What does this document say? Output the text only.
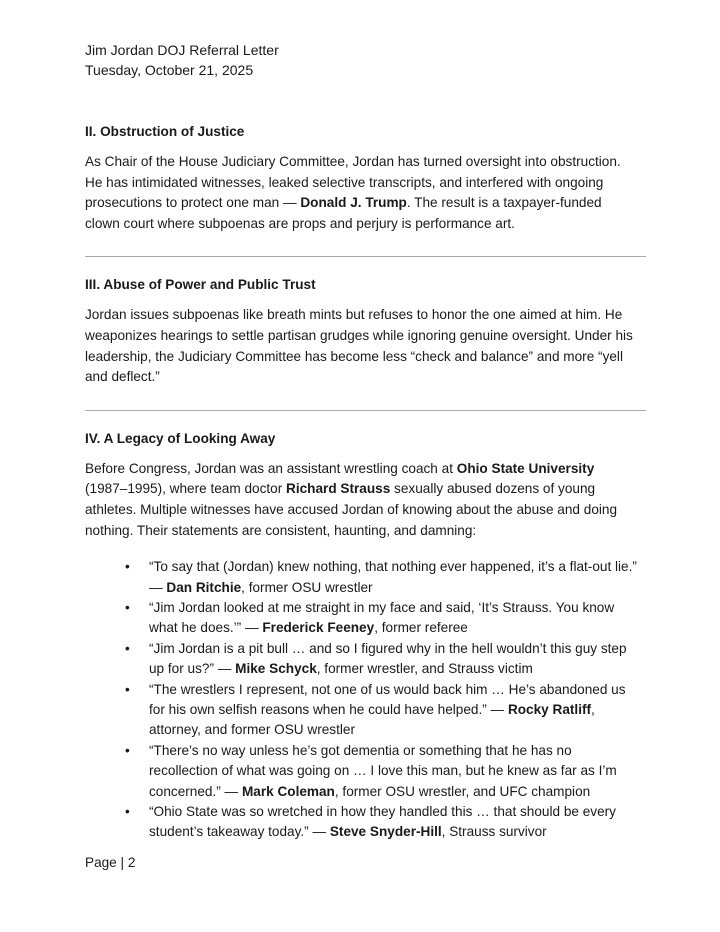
Jim Jordan DOJ Referral Letter
Tuesday, October 21, 2025
II. Obstruction of Justice

As Chair of the House Judiciary Committee, Jordan has turned oversight into obstruction. He has intimidated witnesses, leaked selective transcripts, and interfered with ongoing prosecutions to protect one man — Donald J. Trump. The result is a taxpayer-funded clown court where subpoenas are props and perjury is performance art.

III. Abuse of Power and Public Trust

Jordan issues subpoenas like breath mints but refuses to honor the one aimed at him. He weaponizes hearings to settle partisan grudges while ignoring genuine oversight. Under his leadership, the Judiciary Committee has become less “check and balance” and more “yell and deflect.”

IV. A Legacy of Looking Away

Before Congress, Jordan was an assistant wrestling coach at Ohio State University (1987–1995), where team doctor Richard Strauss sexually abused dozens of young athletes. Multiple witnesses have accused Jordan of knowing about the abuse and doing nothing. Their statements are consistent, haunting, and damning:

• “To say that (Jordan) knew nothing, that nothing ever happened, it’s a flat-out lie.” — Dan Ritchie, former OSU wrestler
• “Jim Jordan looked at me straight in my face and said, ‘It’s Strauss. You know what he does.’” — Frederick Feeney, former referee
• “Jim Jordan is a pit bull … and so I figured why in the hell wouldn’t this guy step up for us?” — Mike Schyck, former wrestler, and Strauss victim
• “The wrestlers I represent, not one of us would back him … He’s abandoned us for his own selfish reasons when he could have helped.” — Rocky Ratliff, attorney, and former OSU wrestler
• “There’s no way unless he’s got dementia or something that he has no recollection of what was going on … I love this man, but he knew as far as I’m concerned.” — Mark Coleman, former OSU wrestler, and UFC champion
• “Ohio State was so wretched in how they handled this … that should be every student’s takeaway today.” — Steve Snyder-Hill, Strauss survivor
Page | 2
